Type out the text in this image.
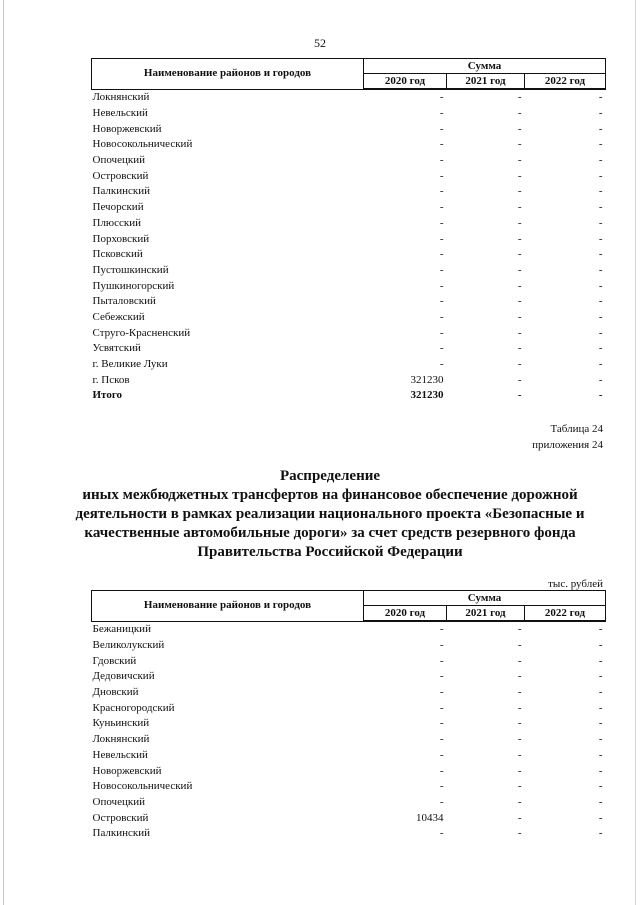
52
Наименование районов и городов	Сумма		
	2020 год	2021 год	2022 год
Локнянский	-	-	-
Невельский	-	-	-
Новоржевский	-	-	-
Новосокольнический	-	-	-
Опочецкий	-	-	-
Островский	-	-	-
Палкинский	-	-	-
Печорский	-	-	-
Плюсский	-	-	-
Порховский	-	-	-
Псковский	-	-	-
Пустошкинский	-	-	-
Пушкиногорский	-	-	-
Пыталовский	-	-	-
Себежский	-	-	-
Струго-Красненский	-	-	-
Усвятский	-	-	-
г. Великие Луки	-	-	-
г. Псков	321230	-	-
Итого	321230	-	-
Таблица 24
приложения 24
Распределение
иных межбюджетных трансфертов на финансовое обеспечение дорожной
деятельности в рамках реализации национального проекта «Безопасные и
качественные автомобильные дороги» за счет средств резервного фонда
Правительства Российской Федерации
тыс. рублей
Наименование районов и городов	Сумма		
	2020 год	2021 год	2022 год
Бежаницкий	-	-	-
Великолукский	-	-	-
Гдовский	-	-	-
Дедовичский	-	-	-
Дновский	-	-	-
Красногородский	-	-	-
Куньинский	-	-	-
Локнянский	-	-	-
Невельский	-	-	-
Новоржевский	-	-	-
Новосокольнический	-	-	-
Опочецкий	-	-	-
Островский	10434	-	-
Палкинский	-	-	-
